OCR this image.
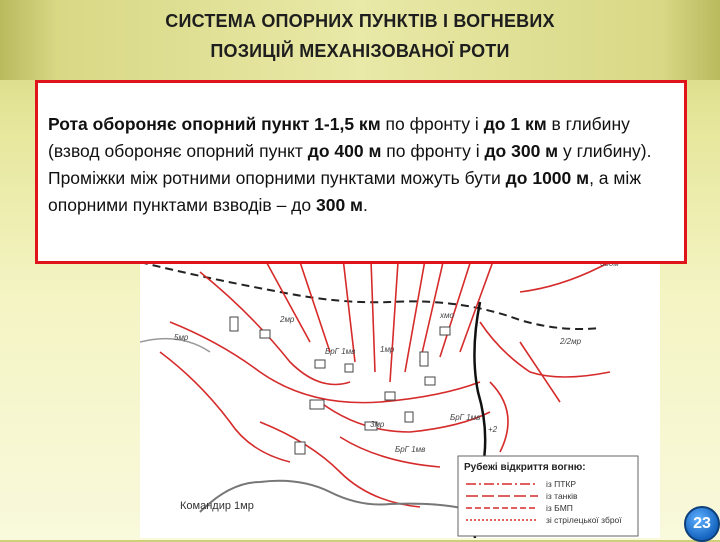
СИСТЕМА ОПОРНИХ ПУНКТІВ І ВОГНЕВИХ
ПОЗИЦІЙ МЕХАНІЗОВАНОЇ РОТИ
5мр
2мр
2/2мр
1мр
3мр
хмо
БрГ 1мв
БрГ 1мв
БрГ 1мв
+2
Рубежі відкриття вогню:
із ПТКР
із танків
із БМП
зі стрілецької зброї
Командир 1мр

Рота обороняє опорний пункт 1-1,5 км по фронту і до 1 км в глибину (взвод обороняє опорний пункт до 400 м по фронту і до 300 м у глибину).
Проміжки між ротними опорними пунктами можуть бути до 1000 м, а між опорними пунктами взводів – до 300 м.

23
